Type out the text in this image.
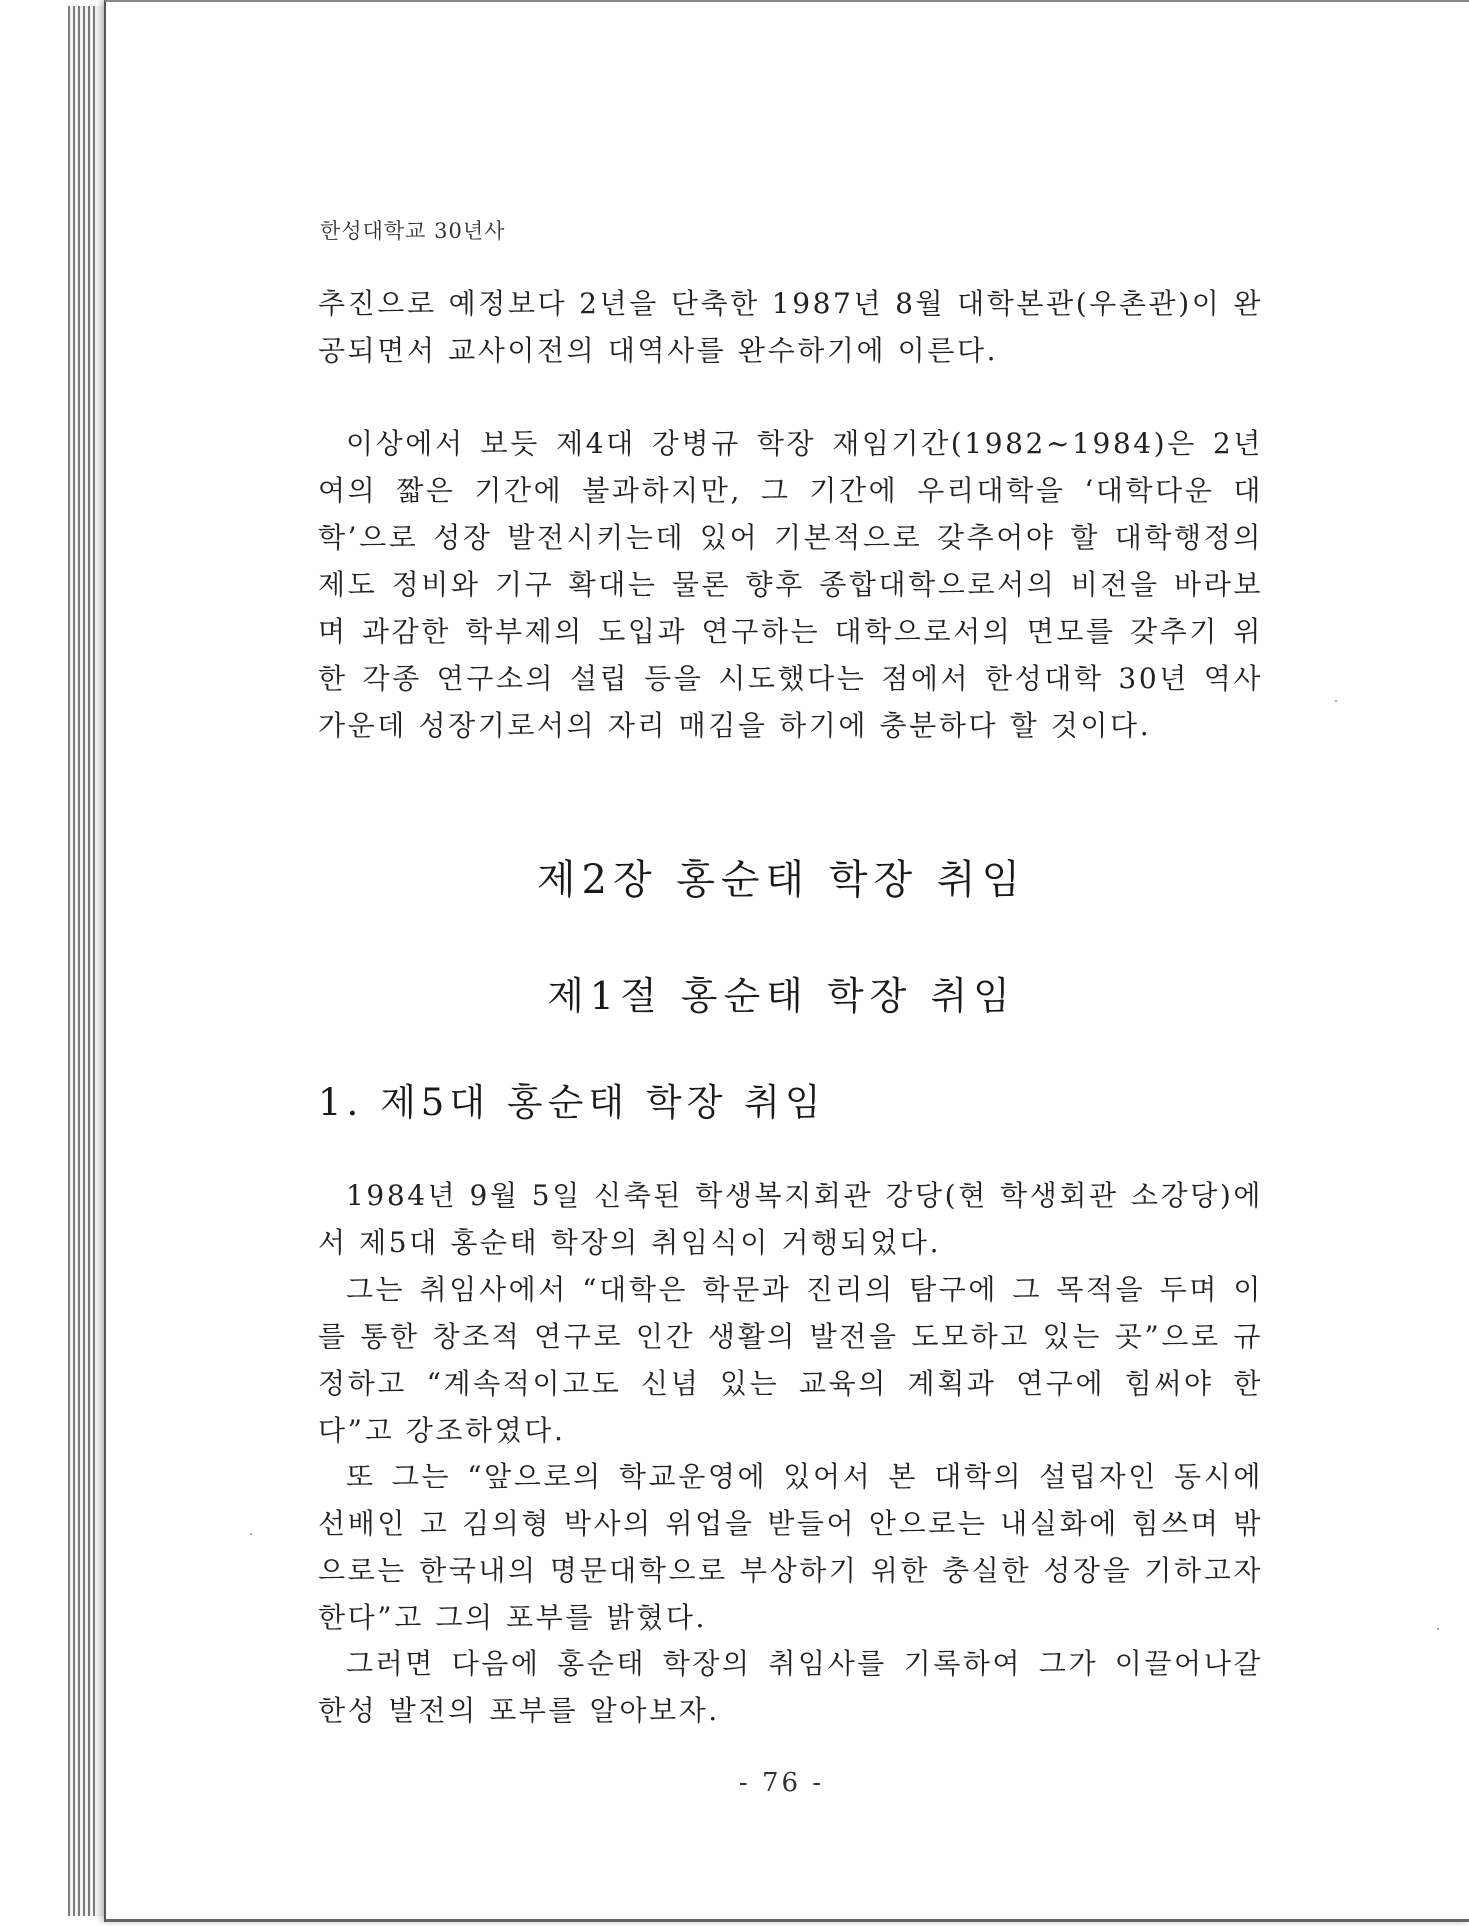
한성대학교 30년사

추진으로 예정보다 2년을 단축한 1987년 8월 대학본관(우촌관)이 완공되면서 교사이전의 대역사를 완수하기에 이른다.

이상에서 보듯 제4대 강병규 학장 재임기간(1982~1984)은 2년여의 짧은 기간에 불과하지만, 그 기간에 우리대학을 ‘대학다운 대학’으로 성장 발전시키는데 있어 기본적으로 갖추어야 할 대학행정의 제도 정비와 기구 확대는 물론 향후 종합대학으로서의 비전을 바라보며 과감한 학부제의 도입과 연구하는 대학으로서의 면모를 갖추기 위한 각종 연구소의 설립 등을 시도했다는 점에서 한성대학 30년 역사 가운데 성장기로서의 자리 매김을 하기에 충분하다 할 것이다.

제2장 홍순태 학장 취임
제1절 홍순태 학장 취임
1. 제5대 홍순태 학장 취임

1984년 9월 5일 신축된 학생복지회관 강당(현 학생회관 소강당)에서 제5대 홍순태 학장의 취임식이 거행되었다.

그는 취임사에서 “대학은 학문과 진리의 탐구에 그 목적을 두며 이를 통한 창조적 연구로 인간 생활의 발전을 도모하고 있는 곳”으로 규정하고 “계속적이고도 신념 있는 교육의 계획과 연구에 힘써야 한다”고 강조하였다.

또 그는 “앞으로의 학교운영에 있어서 본 대학의 설립자인 동시에 선배인 고 김의형 박사의 위업을 받들어 안으로는 내실화에 힘쓰며 밖으로는 한국내의 명문대학으로 부상하기 위한 충실한 성장을 기하고자 한다”고 그의 포부를 밝혔다.

그러면 다음에 홍순태 학장의 취임사를 기록하여 그가 이끌어나갈 한성 발전의 포부를 알아보자.

- 76 -
